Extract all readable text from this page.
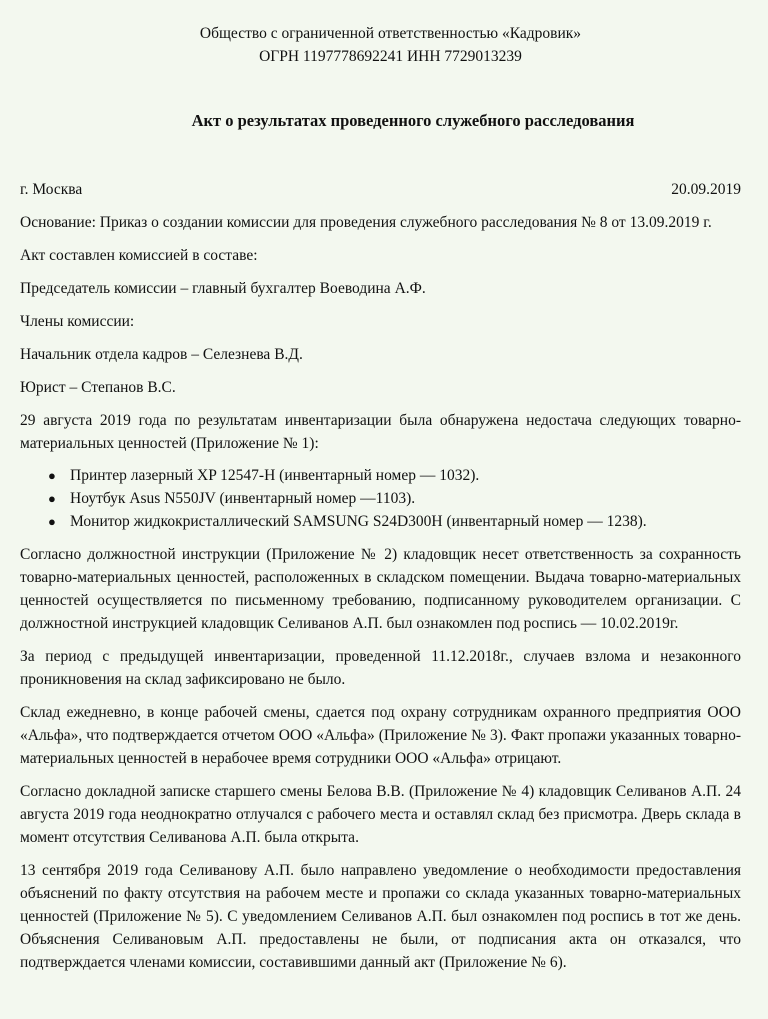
Общество с ограниченной ответственностью «Кадровик»
ОГРН 1197778692241 ИНН 7729013239
Акт о результатах проведенного служебного расследования
г. Москва	20.09.2019

Основание: Приказ о создании комиссии для проведения служебного расследования № 8 от 13.09.2019 г.

Акт составлен комиссией в составе:

Председатель комиссии – главный бухгалтер Воеводина А.Ф.

Члены комиссии:

Начальник отдела кадров – Селезнева В.Д.

Юрист – Степанов В.С.

29 августа 2019 года по результатам инвентаризации была обнаружена недостача следующих товарно-материальных ценностей (Приложение № 1):

● Принтер лазерный XP 12547-H (инвентарный номер — 1032).
● Ноутбук Asus N550JV (инвентарный номер —1103).
● Монитор жидкокристаллический SAMSUNG S24D300H (инвентарный номер — 1238).

Согласно должностной инструкции (Приложение № 2) кладовщик несет ответственность за сохранность товарно-материальных ценностей, расположенных в складском помещении. Выдача товарно-материальных ценностей осуществляется по письменному требованию, подписанному руководителем организации. С должностной инструкцией кладовщик Селиванов А.П. был ознакомлен под роспись — 10.02.2019г.

За период с предыдущей инвентаризации, проведенной 11.12.2018г., случаев взлома и незаконного проникновения на склад зафиксировано не было.

Склад ежедневно, в конце рабочей смены, сдается под охрану сотрудникам охранного предприятия ООО «Альфа», что подтверждается отчетом ООО «Альфа» (Приложение № 3). Факт пропажи указанных товарно-материальных ценностей в нерабочее время сотрудники ООО «Альфа» отрицают.

Согласно докладной записке старшего смены Белова В.В. (Приложение № 4) кладовщик Селиванов А.П. 24 августа 2019 года неоднократно отлучался с рабочего места и оставлял склад без присмотра. Дверь склада в момент отсутствия Селиванова А.П. была открыта.

13 сентября 2019 года Селиванову А.П. было направлено уведомление о необходимости предоставления объяснений по факту отсутствия на рабочем месте и пропажи со склада указанных товарно-материальных ценностей (Приложение № 5). С уведомлением Селиванов А.П. был ознакомлен под роспись в тот же день. Объяснения Селивановым А.П. предоставлены не были, от подписания акта он отказался, что подтверждается членами комиссии, составившими данный акт (Приложение № 6).
